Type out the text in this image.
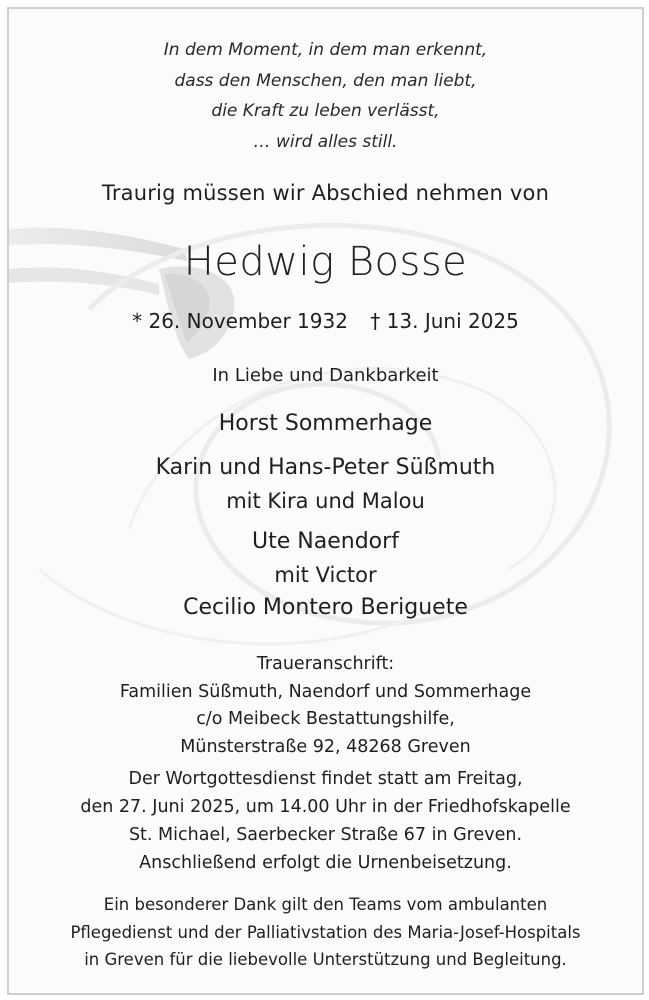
In dem Moment, in dem man erkennt,
dass den Menschen, den man liebt,
die Kraft zu leben verlässt,
… wird alles still.
Traurig müssen wir Abschied nehmen von
Hedwig Bosse
* 26. November 1932 † 13. Juni 2025
In Liebe und Dankbarkeit
Horst Sommerhage
Karin und Hans-Peter Süßmuth
mit Kira und Malou
Ute Naendorf
mit Victor
Cecilio Montero Beriguete
Traueranschrift:
Familien Süßmuth, Naendorf und Sommerhage
c/o Meibeck Bestattungshilfe,
Münsterstraße 92, 48268 Greven
Der Wortgottesdienst findet statt am Freitag,
den 27. Juni 2025, um 14.00 Uhr in der Friedhofskapelle
St. Michael, Saerbecker Straße 67 in Greven.
Anschließend erfolgt die Urnenbeisetzung.
Ein besonderer Dank gilt den Teams vom ambulanten
Pflegedienst und der Palliativstation des Maria-Josef-Hospitals
in Greven für die liebevolle Unterstützung und Begleitung.
